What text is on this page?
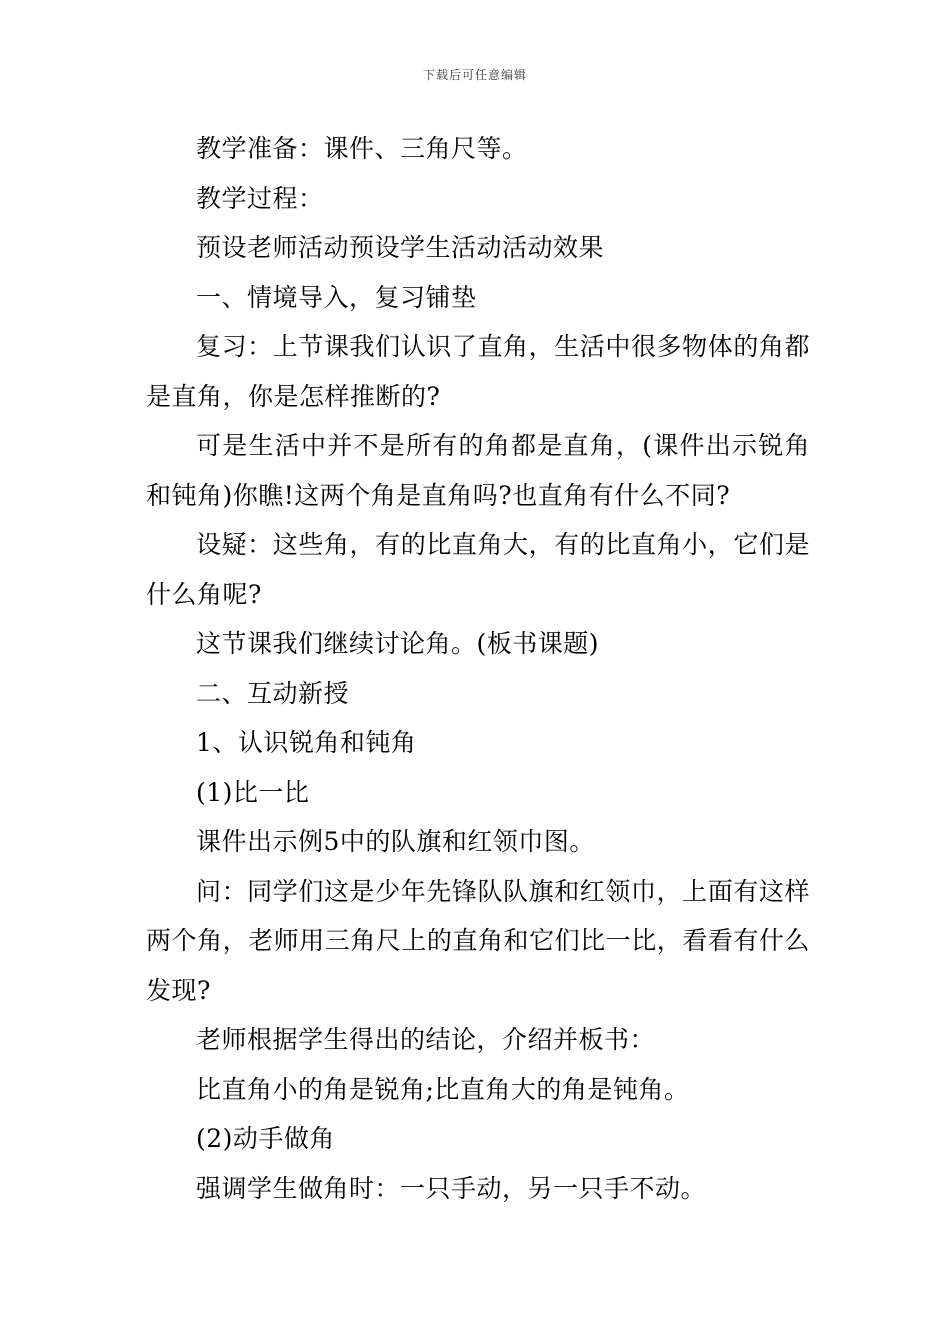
下载后可任意编辑

教学准备：课件、三角尺等。

教学过程：

预设老师活动预设学生活动活动效果

一、情境导入，复习铺垫

复习：上节课我们认识了直角，生活中很多物体的角都是直角，你是怎样推断的?

可是生活中并不是所有的角都是直角，(课件出示锐角和钝角)你瞧!这两个角是直角吗?也直角有什么不同?

设疑：这些角，有的比直角大，有的比直角小，它们是什么角呢?

这节课我们继续讨论角。(板书课题)

二、互动新授

1、认识锐角和钝角

(1)比一比

课件出示例5中的队旗和红领巾图。

问：同学们这是少年先锋队队旗和红领巾，上面有这样两个角，老师用三角尺上的直角和它们比一比，看看有什么发现?

老师根据学生得出的结论，介绍并板书：

比直角小的角是锐角;比直角大的角是钝角。

(2)动手做角

强调学生做角时：一只手动，另一只手不动。
